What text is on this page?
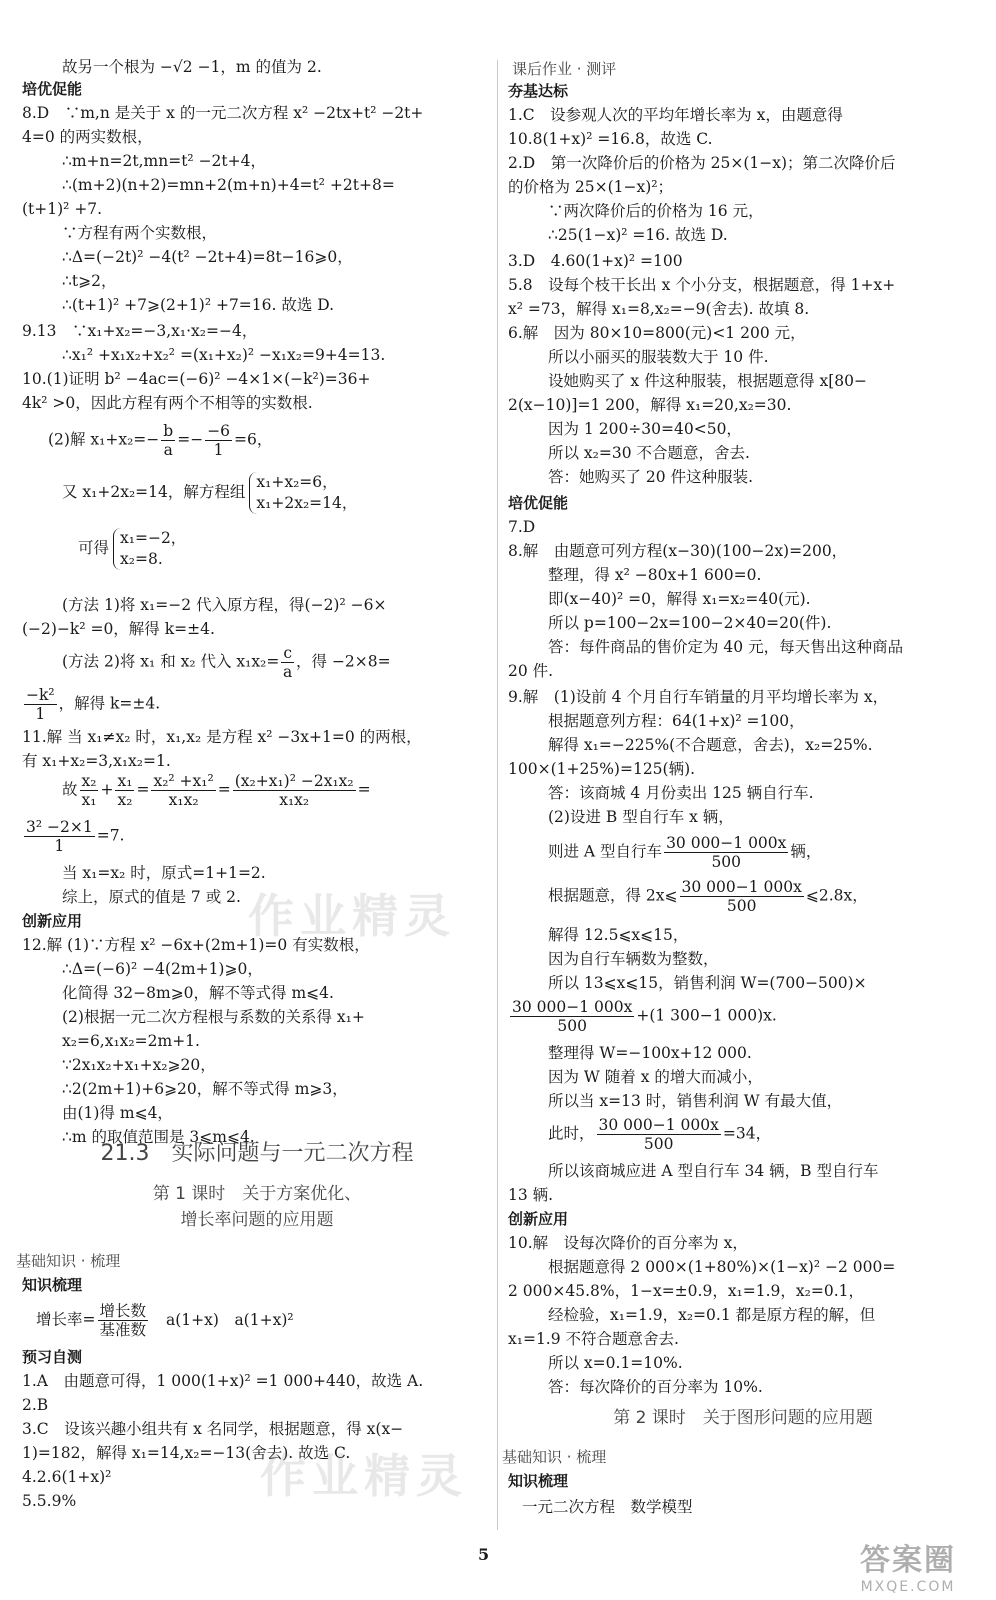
故另一个根为 −√2 −1，m 的值为 2.
培优促能
8.D　∵m,n 是关于 x 的一元二次方程 x² −2tx+t² −2t+
4=0 的两实数根，
∴m+n=2t,mn=t² −2t+4，
∴(m+2)(n+2)=mn+2(m+n)+4=t² +2t+8=
(t+1)² +7.
∵方程有两个实数根，
∴Δ=(−2t)² −4(t² −2t+4)=8t−16⩾0，
∴t⩾2，
∴(t+1)² +7⩾(2+1)² +7=16. 故选 D.
9.13　∵x₁+x₂=−3,x₁·x₂=−4，
∴x₁² +x₁x₂+x₂² =(x₁+x₂)² −x₁x₂=9+4=13.
10.(1)证明 b² −4ac=(−6)² −4×1×(−k²)=36+
4k² >0，因此方程有两个不相等的实数根.
(2)解 $x_1+x_2=- \frac{b}{a} =- \frac{-6}{1} =6$，
又 x₁+2x₂=14，解方程组
x₁+x₂=6，
x₁+2x₂=14，
可得
x₁=−2，
x₂=8.
(方法 1)将 x₁=−2 代入原方程，得(−2)² −6×
(−2)−k² =0，解得 k=±4.
(方法 2)将 x₁ 和 x₂ 代入 $x_1x_2= \frac{c}{a}$ ，得 −2×8=
$\frac{\text{−k²}}{1}$ ，解得 k=±4.
11.解 当 x₁≠x₂ 时，x₁,x₂ 是方程 x² −3x+1=0 的两根，
有 x₁+x₂=3,x₁x₂=1.
故 $\frac{\text{x₂}}{\text{x₁}} + \frac{\text{x₁}}{\text{x₂}} = \frac{\text{x₂² +x₁²}}{\text{x₁x₂}} = \frac{\text{(x₂+x₁)² −2x₁x₂}}{\text{x₁x₂}}$ =
$\frac{\text{3² −2×1}}{1} =7$.
当 x₁=x₂ 时，原式=1+1=2.
综上，原式的值是 7 或 2.
创新应用
12.解 (1)∵方程 x² −6x+(2m+1)=0 有实数根，
∴Δ=(−6)² −4(2m+1)⩾0，
化简得 32−8m⩾0，解不等式得 m⩽4.
(2)根据一元二次方程根与系数的关系得 x₁+
x₂=6,x₁x₂=2m+1.
∵2x₁x₂+x₁+x₂⩾20，
∴2(2m+1)+6⩾20，解不等式得 m⩾3，
由(1)得 m⩽4，
∴m 的取值范围是 3⩽m⩽4.
21.3　实际问题与一元二次方程
第 1 课时　关于方案优化、
增长率问题的应用题
基础知识 · 梳理
知识梳理
增长率= $\frac{\text{增长数}}{\text{基准数}} a(1+x)$　a(1+x)²
预习自测
1.A　由题意可得，1 000(1+x)² =1 000+440，故选 A.
2.B
3.C　设该兴趣小组共有 x 名同学，根据题意，得 x(x−
1)=182，解得 x₁=14,x₂=−13(舍去). 故选 C.
4.2.6(1+x)²
5.5.9%
课后作业 · 测评
夯基达标
1.C　设参观人次的平均年增长率为 x，由题意得
10.8(1+x)² =16.8，故选 C.
2.D　第一次降价后的价格为 25×(1−x)；第二次降价后
的价格为 25×(1−x)²；
∵两次降价后的价格为 16 元，
∴25(1−x)² =16. 故选 D.
3.D　4.60(1+x)² =100
5.8　设每个枝干长出 x 个小分支，根据题意，得 1+x+
x² =73，解得 x₁=8,x₂=−9(舍去). 故填 8.
6.解　因为 80×10=800(元)<1 200 元，
所以小丽买的服装数大于 10 件.
设她购买了 x 件这种服装，根据题意得 x[80−
2(x−10)]=1 200，解得 x₁=20,x₂=30.
因为 1 200÷30=40<50，
所以 x₂=30 不合题意，舍去.
答：她购买了 20 件这种服装.
培优促能
7.D
8.解　由题意可列方程(x−30)(100−2x)=200，
整理，得 x² −80x+1 600=0.
即(x−40)² =0，解得 x₁=x₂=40(元).
所以 p=100−2x=100−2×40=20(件).
答：每件商品的售价定为 40 元，每天售出这种商品
20 件.
9.解　(1)设前 4 个月自行车销量的月平均增长率为 x，
根据题意列方程：64(1+x)² =100，
解得 x₁=−225%(不合题意，舍去)，x₂=25%.
100×(1+25%)=125(辆).
答：该商城 4 月份卖出 125 辆自行车.
(2)设进 B 型自行车 x 辆，
则进 A 型自行车 $\frac{30 000-1 000x}{500}$ 辆，
根据题意，得 2x⩽ $\frac{30 000-1 000x}{500}$ ⩽2.8x，
解得 12.5⩽x⩽15，
因为自行车辆数为整数，
所以 13⩽x⩽15，销售利润 W=(700−500)×
$\frac{30 000-1 000x}{500} +(1$ 300−1 000)x.
整理得 W=−100x+12 000.
因为 W 随着 x 的增大而减小，
所以当 x=13 时，销售利润 W 有最大值，
此时， $\frac{30 000-1 000x}{500} =34$，
所以该商城应进 A 型自行车 34 辆，B 型自行车
13 辆.
创新应用
10.解　设每次降价的百分率为 x，
根据题意得 2 000×(1+80%)×(1−x)² −2 000=
2 000×45.8%，1−x=±0.9，x₁=1.9，x₂=0.1，
经检验，x₁=1.9，x₂=0.1 都是原方程的解，但
x₁=1.9 不符合题意舍去.
所以 x=0.1=10%.
答：每次降价的百分率为 10%.
第 2 课时　关于图形问题的应用题
基础知识 · 梳理
知识梳理
一元二次方程　数学模型
作业精灵
作业精灵
5	答案圈
MXQE.COM
